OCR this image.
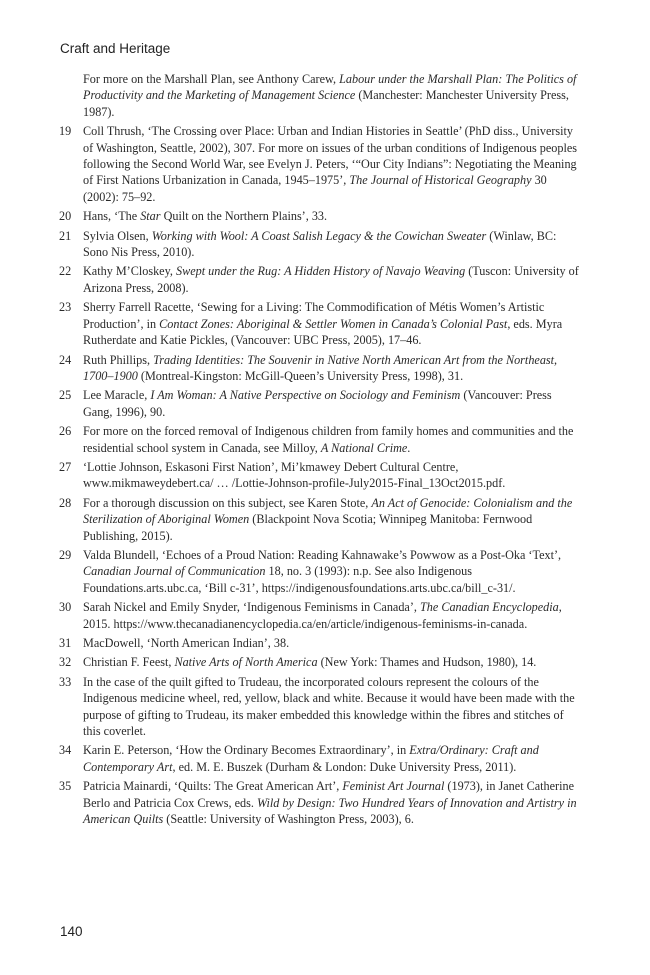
Craft and Heritage
For more on the Marshall Plan, see Anthony Carew, Labour under the Marshall Plan: The Politics of Productivity and the Marketing of Management Science (Manchester: Manchester University Press, 1987).
19 Coll Thrush, ‘The Crossing over Place: Urban and Indian Histories in Seattle’ (PhD diss., University of Washington, Seattle, 2002), 307. For more on issues of the urban conditions of Indigenous peoples following the Second World War, see Evelyn J. Peters, ‘“Our City Indians”: Negotiating the Meaning of First Nations Urbanization in Canada, 1945–1975’, The Journal of Historical Geography 30 (2002): 75–92.
20 Hans, ‘The Star Quilt on the Northern Plains’, 33.
21 Sylvia Olsen, Working with Wool: A Coast Salish Legacy & the Cowichan Sweater (Winlaw, BC: Sono Nis Press, 2010).
22 Kathy M’Closkey, Swept under the Rug: A Hidden History of Navajo Weaving (Tuscon: University of Arizona Press, 2008).
23 Sherry Farrell Racette, ‘Sewing for a Living: The Commodification of Métis Women’s Artistic Production’, in Contact Zones: Aboriginal & Settler Women in Canada’s Colonial Past, eds. Myra Rutherdate and Katie Pickles, (Vancouver: UBC Press, 2005), 17–46.
24 Ruth Phillips, Trading Identities: The Souvenir in Native North American Art from the Northeast, 1700–1900 (Montreal-Kingston: McGill-Queen’s University Press, 1998), 31.
25 Lee Maracle, I Am Woman: A Native Perspective on Sociology and Feminism (Vancouver: Press Gang, 1996), 90.
26 For more on the forced removal of Indigenous children from family homes and communities and the residential school system in Canada, see Milloy, A National Crime.
27 ‘Lottie Johnson, Eskasoni First Nation’, Mi’kmawey Debert Cultural Centre, www.mikmaweydebert.ca/ … /Lottie-Johnson-profile-July2015-Final_13Oct2015.pdf.
28 For a thorough discussion on this subject, see Karen Stote, An Act of Genocide: Colonialism and the Sterilization of Aboriginal Women (Blackpoint Nova Scotia; Winnipeg Manitoba: Fernwood Publishing, 2015).
29 Valda Blundell, ‘Echoes of a Proud Nation: Reading Kahnawake’s Powwow as a Post-Oka ‘Text’, Canadian Journal of Communication 18, no. 3 (1993): n.p. See also Indigenous Foundations.arts.ubc.ca, ‘Bill c-31’, https://indigenousfoundations.arts.ubc.ca/bill_c-31/.
30 Sarah Nickel and Emily Snyder, ‘Indigenous Feminisms in Canada’, The Canadian Encyclopedia, 2015. https://www.thecanadianencyclopedia.ca/en/article/indigenous-feminisms-in-canada.
31 MacDowell, ‘North American Indian’, 38.
32 Christian F. Feest, Native Arts of North America (New York: Thames and Hudson, 1980), 14.
33 In the case of the quilt gifted to Trudeau, the incorporated colours represent the colours of the Indigenous medicine wheel, red, yellow, black and white. Because it would have been made with the purpose of gifting to Trudeau, its maker embedded this knowledge within the fibres and stitches of this coverlet.
34 Karin E. Peterson, ‘How the Ordinary Becomes Extraordinary’, in Extra/Ordinary: Craft and Contemporary Art, ed. M. E. Buszek (Durham & London: Duke University Press, 2011).
35 Patricia Mainardi, ‘Quilts: The Great American Art’, Feminist Art Journal (1973), in Janet Catherine Berlo and Patricia Cox Crews, eds. Wild by Design: Two Hundred Years of Innovation and Artistry in American Quilts (Seattle: University of Washington Press, 2003), 6.
140
